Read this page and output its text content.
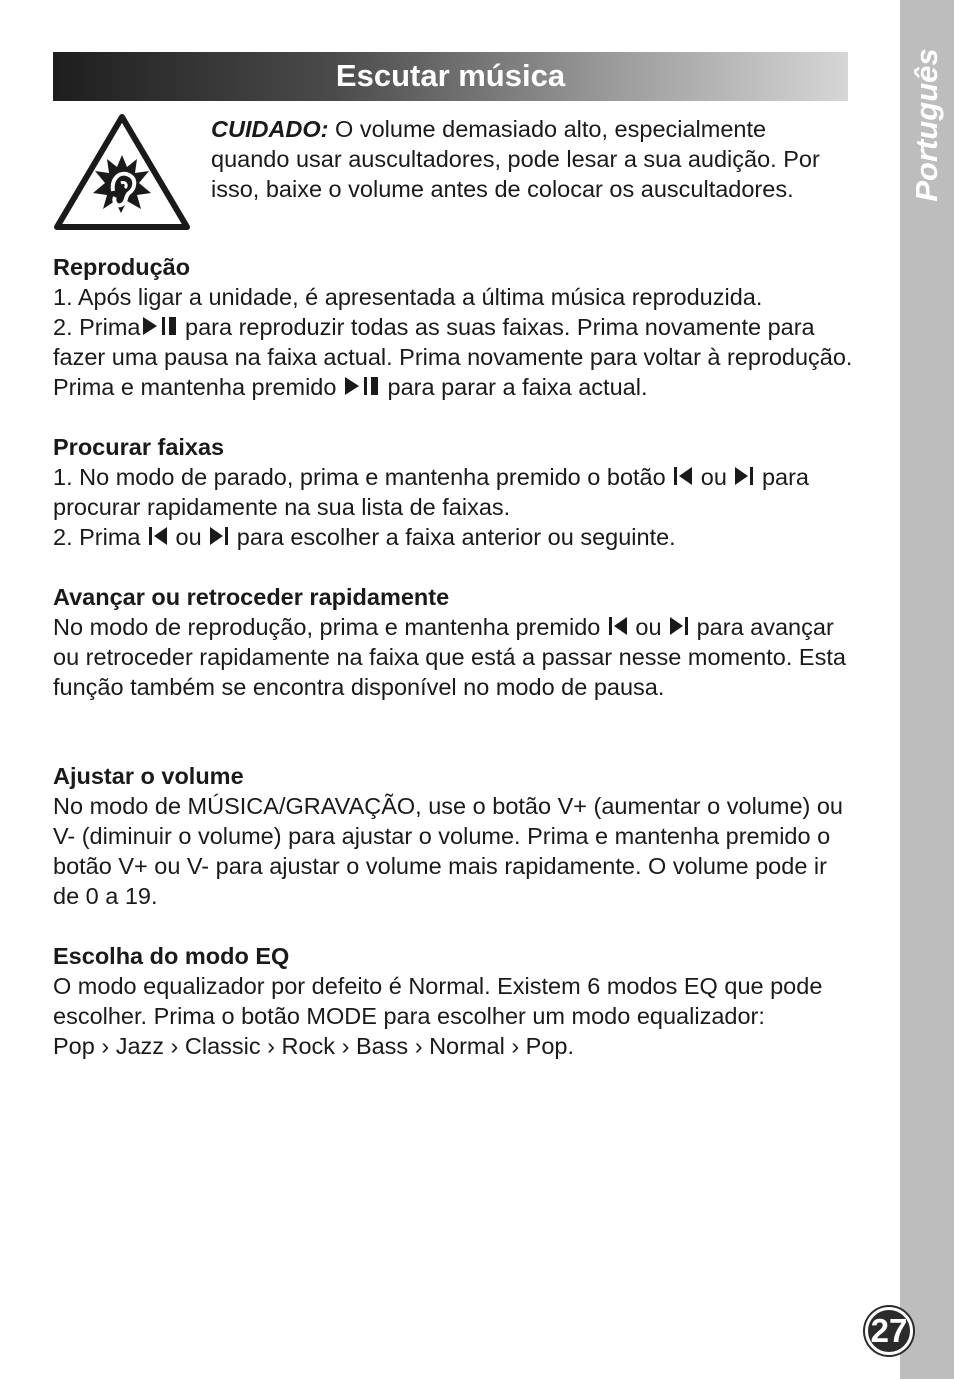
Português
27
Escutar música
CUIDADO: O volume demasiado alto, especialmente quando usar auscultadores, pode lesar a sua audição. Por isso, baixe o volume antes de colocar os auscultadores.
Reprodução

1. Após ligar a unidade, é apresentada a última música reproduzida.

2. Prima para reproduzir todas as suas faixas. Prima novamente para fazer uma pausa na faixa actual. Prima novamente para voltar à reprodução. Prima e mantenha premido  para parar a faixa actual.

Procurar faixas

1. No modo de parado, prima e mantenha premido o botão  ou  para procurar rapidamente na sua lista de faixas.

2. Prima  ou  para escolher a faixa anterior ou seguinte.

Avançar ou retroceder rapidamente

No modo de reprodução, prima e mantenha premido  ou  para avançar ou retroceder rapidamente na faixa que está a passar nesse momento. Esta função também se encontra disponível no modo de pausa.

Ajustar o volume

No modo de MÚSICA/GRAVAÇÃO, use o botão V+ (aumentar o volume) ou V- (diminuir o volume) para ajustar o volume. Prima e mantenha premido o botão V+ ou V- para ajustar o volume mais rapidamente. O volume pode ir de 0 a 19.

Escolha do modo EQ

O modo equalizador por defeito é Normal. Existem 6 modos EQ que pode escolher. Prima o botão MODE para escolher um modo equalizador:

Pop › Jazz › Classic › Rock › Bass › Normal › Pop.
